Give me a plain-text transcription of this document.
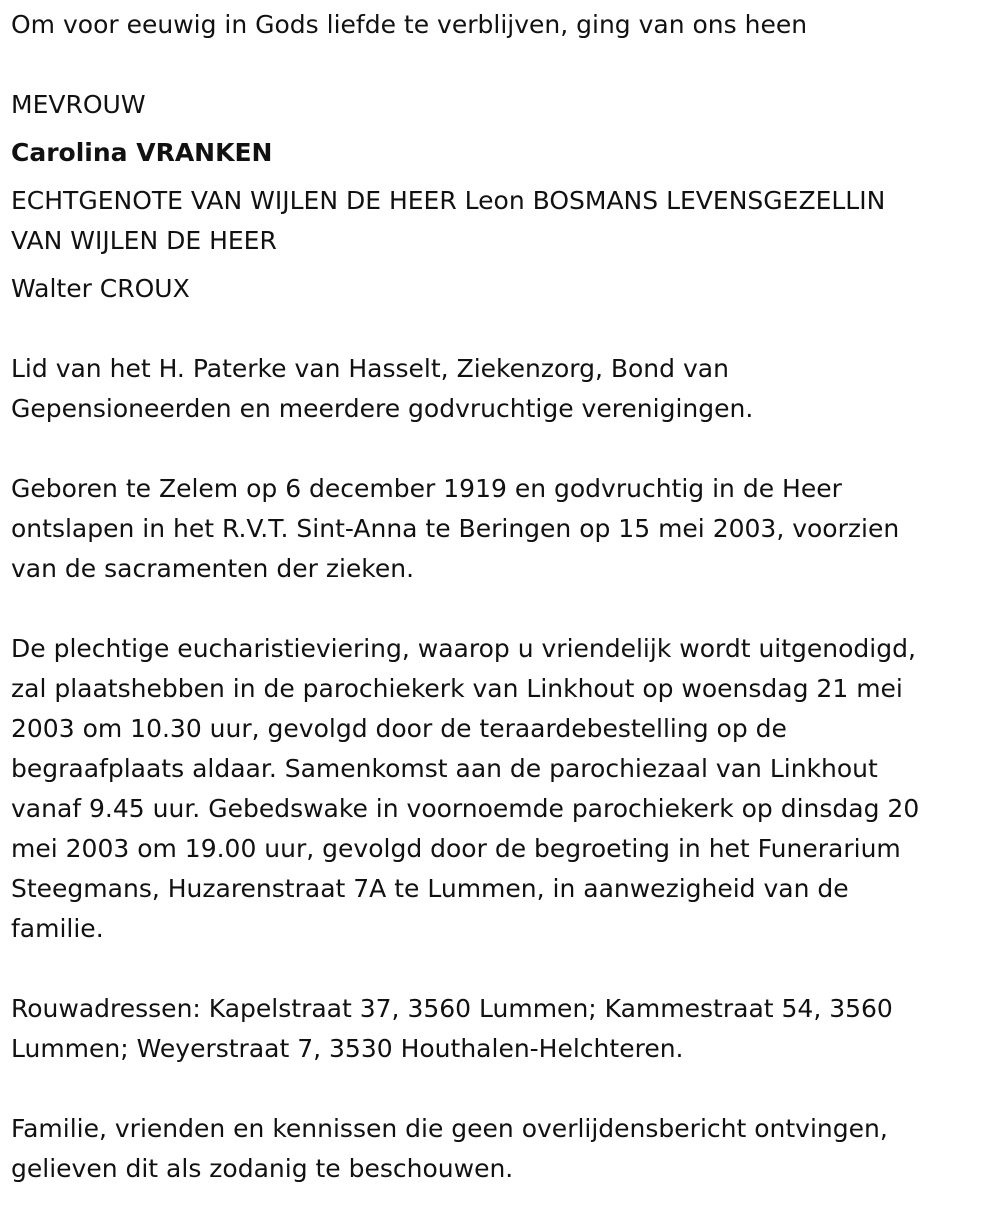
Om voor eeuwig in Gods liefde te verblijven, ging van ons heen
MEVROUW
Carolina VRANKEN
ECHTGENOTE VAN WIJLEN DE HEER Leon BOSMANS LEVENSGEZELLIN
VAN WIJLEN DE HEER
Walter CROUX
Lid van het H. Paterke van Hasselt, Ziekenzorg, Bond van
Gepensioneerden en meerdere godvruchtige verenigingen.
Geboren te Zelem op 6 december 1919 en godvruchtig in de Heer
ontslapen in het R.V.T. Sint-Anna te Beringen op 15 mei 2003, voorzien
van de sacramenten der zieken.
De plechtige eucharistieviering, waarop u vriendelijk wordt uitgenodigd,
zal plaatshebben in de parochiekerk van Linkhout op woensdag 21 mei
2003 om 10.30 uur, gevolgd door de teraardebestelling op de
begraafplaats aldaar. Samenkomst aan de parochiezaal van Linkhout
vanaf 9.45 uur. Gebedswake in voornoemde parochiekerk op dinsdag 20
mei 2003 om 19.00 uur, gevolgd door de begroeting in het Funerarium
Steegmans, Huzarenstraat 7A te Lummen, in aanwezigheid van de
familie.
Rouwadressen: Kapelstraat 37, 3560 Lummen; Kammestraat 54, 3560
Lummen; Weyerstraat 7, 3530 Houthalen-Helchteren.
Familie, vrienden en kennissen die geen overlijdensbericht ontvingen,
gelieven dit als zodanig te beschouwen.
